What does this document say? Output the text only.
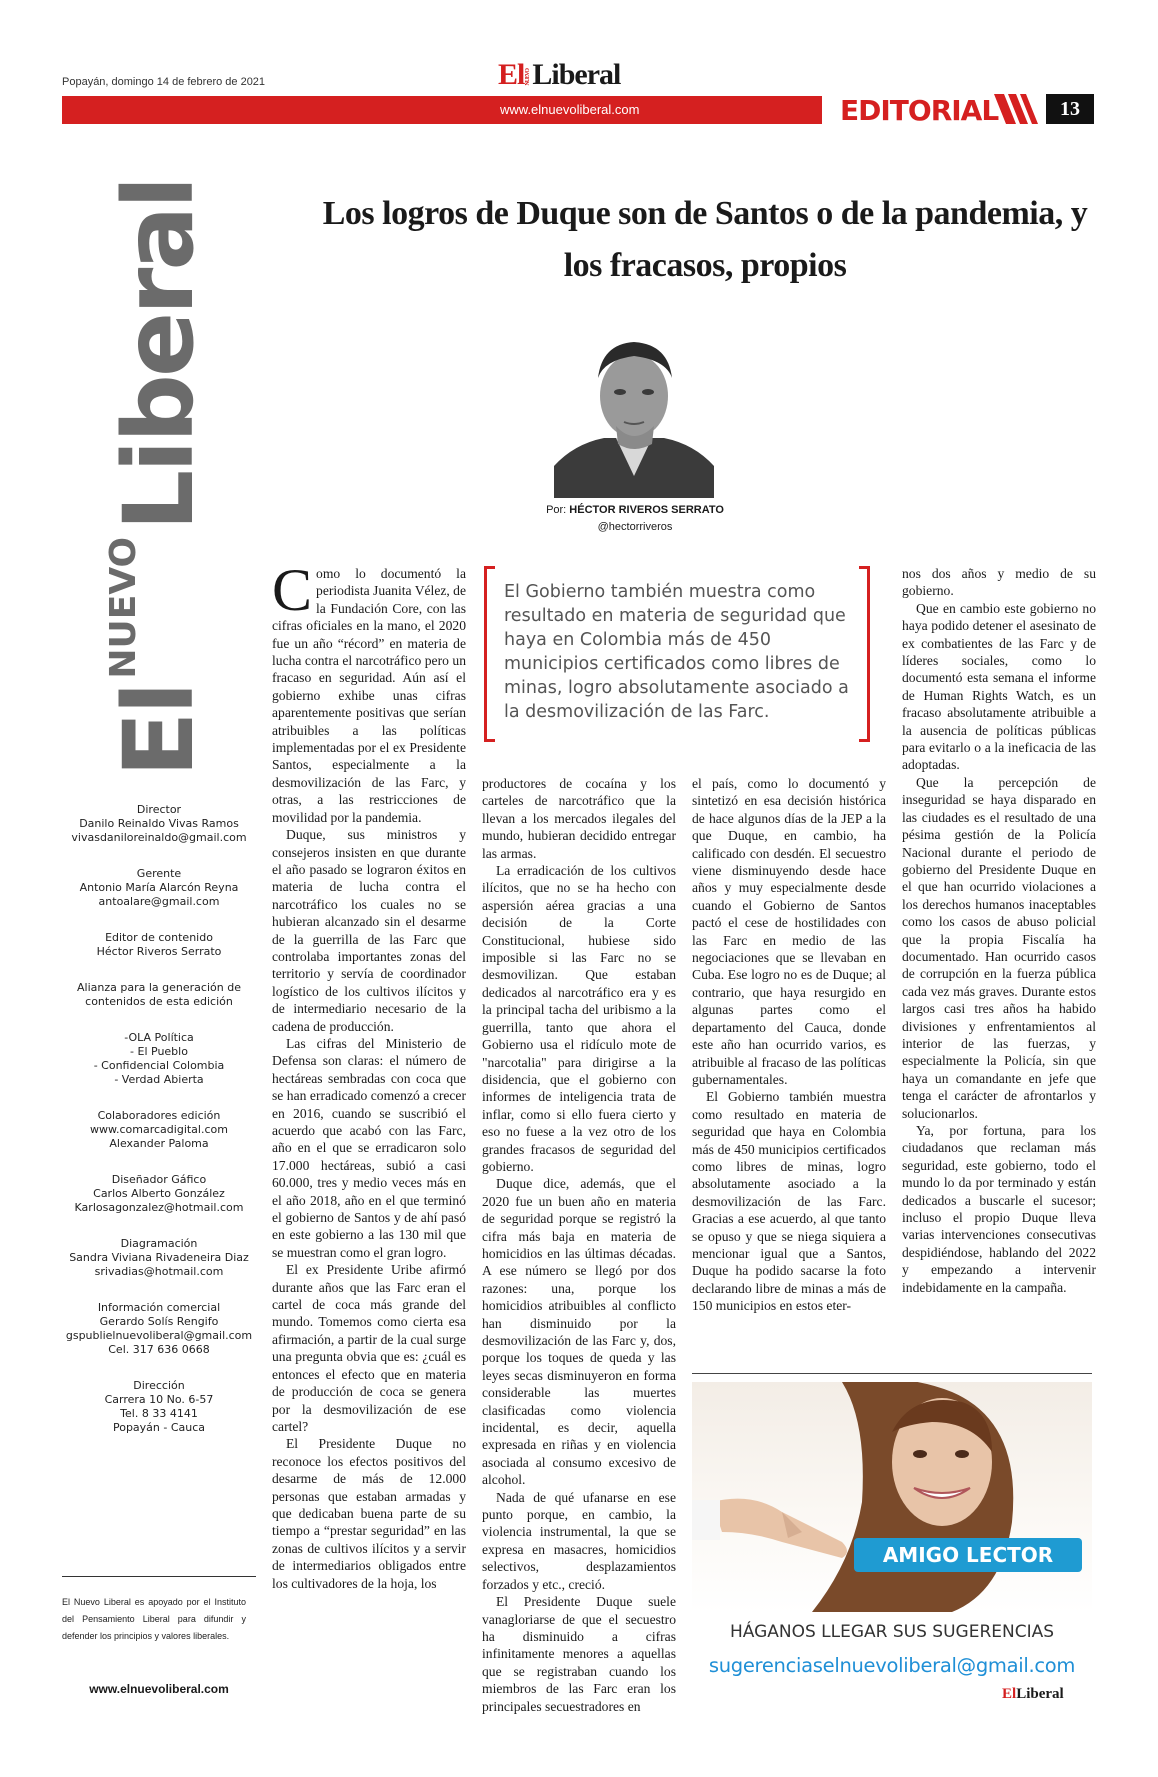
Popayán, domingo 14 de febrero de 2021	ElNUEVOLiberal
www.elnuevoliberal.com	EDITORIAL	13
ElNUEVOLiberal
Director
Danilo Reinaldo Vivas Ramos
vivasdaniloreinaldo@gmail.com
Gerente
Antonio María Alarcón Reyna
antoalare@gmail.com
Editor de contenido
Héctor Riveros Serrato
Alianza para la generación de
contenidos de esta edición
-OLA Política
- El Pueblo
- Confidencial Colombia
- Verdad Abierta
Colaboradores edición
www.comarcadigital.com
Alexander Paloma
Diseñador Gáfico
Carlos Alberto González
Karlosagonzalez@hotmail.com
Diagramación
Sandra Viviana Rivadeneira Diaz
srivadias@hotmail.com
Información comercial
Gerardo Solís Rengifo
gspublielnuevoliberal@gmail.com
Cel. 317 636 0668
Dirección
Carrera 10 No. 6-57
Tel. 8 33 4141
Popayán - Cauca
El Nuevo Liberal es apoyado por el Instituto del Pensamiento Liberal para difundir y defender los principios y valores liberales.
www.elnuevoliberal.com
Los logros de Duque son de Santos o de la pandemia, y los fracasos, propios
Por: HÉCTOR RIVEROS SERRATO
@hectorriveros
El Gobierno también muestra como resultado en materia de seguridad que haya en Colombia más de 450 municipios certificados como libres de minas, logro absolutamente asociado a la desmovilización de las Farc.

Como lo documentó la periodista Juanita Vélez, de la Fundación Core, con las cifras oficiales en la mano, el 2020 fue un año “récord” en materia de lucha contra el narcotráfico pero un fracaso en seguridad. Aún así el gobierno exhibe unas cifras aparentemente positivas que serían atribuibles a las políticas implementadas por el ex Presidente Santos, especialmente a la desmovilización de las Farc, y otras, a las restricciones de movilidad por la pandemia.

Duque, sus ministros y consejeros insisten en que durante el año pasado se lograron éxitos en materia de lucha contra el narcotráfico los cuales no se hubieran alcanzado sin el desarme de la guerrilla de las Farc que controlaba importantes zonas del territorio y servía de coordinador logístico de los cultivos ilícitos y de intermediario necesario de la cadena de producción.

Las cifras del Ministerio de Defensa son claras: el número de hectáreas sembradas con coca que se han erradicado comenzó a crecer en 2016, cuando se suscribió el acuerdo que acabó con las Farc, año en el que se erradicaron solo 17.000 hectáreas, subió a casi 60.000, tres y medio veces más en el año 2018, año en el que terminó el gobierno de Santos y de ahí pasó en este gobierno a las 130 mil que se muestran como el gran logro.

El ex Presidente Uribe afirmó durante años que las Farc eran el cartel de coca más grande del mundo. Tomemos como cierta esa afirmación, a partir de la cual surge una pregunta obvia que es: ¿cuál es entonces el efecto que en materia de producción de coca se genera por la desmovilización de ese cartel?

El Presidente Duque no reconoce los efectos positivos del desarme de más de 12.000 personas que estaban armadas y que dedicaban buena parte de su tiempo a “prestar seguridad” en las zonas de cultivos ilícitos y a servir de intermediarios obligados entre los cultivadores de la hoja, los

productores de cocaína y los carteles de narcotráfico que la llevan a los mercados ilegales del mundo, hubieran decidido entregar las armas.

La erradicación de los cultivos ilícitos, que no se ha hecho con aspersión aérea gracias a una decisión de la Corte Constitucional, hubiese sido imposible si las Farc no se desmovilizan. Que estaban dedicados al narcotráfico era y es la principal tacha del uribismo a la guerrilla, tanto que ahora el Gobierno usa el ridículo mote de "narcotalia" para dirigirse a la disidencia, que el gobierno con informes de inteligencia trata de inflar, como si ello fuera cierto y eso no fuese a la vez otro de los grandes fracasos de seguridad del gobierno.

Duque dice, además, que el 2020 fue un buen año en materia de seguridad porque se registró la cifra más baja en materia de homicidios en las últimas décadas. A ese número se llegó por dos razones: una, porque los homicidios atribuibles al conflicto han disminuido por la desmovilización de las Farc y, dos, porque los toques de queda y las leyes secas disminuyeron en forma considerable las muertes clasificadas como violencia incidental, es decir, aquella expresada en riñas y en violencia asociada al consumo excesivo de alcohol.

Nada de qué ufanarse en ese punto porque, en cambio, la violencia instrumental, la que se expresa en masacres, homicidios selectivos, desplazamientos forzados y etc., creció.

El Presidente Duque suele vanagloriarse de que el secuestro ha disminuido a cifras infinitamente menores a aquellas que se registraban cuando los miembros de las Farc eran los principales secuestradores en

el país, como lo documentó y sintetizó en esa decisión histórica de hace algunos días de la JEP a la que Duque, en cambio, ha calificado con desdén. El secuestro viene disminuyendo desde hace años y muy especialmente desde cuando el Gobierno de Santos pactó el cese de hostilidades con las Farc en medio de las negociaciones que se llevaban en Cuba. Ese logro no es de Duque; al contrario, que haya resurgido en algunas partes como el departamento del Cauca, donde este año han ocurrido varios, es atribuible al fracaso de las políticas gubernamentales.

El Gobierno también muestra como resultado en materia de seguridad que haya en Colombia más de 450 municipios certificados como libres de minas, logro absolutamente asociado a la desmovilización de las Farc. Gracias a ese acuerdo, al que tanto se opuso y que se niega siquiera a mencionar igual que a Santos, Duque ha podido sacarse la foto declarando libre de minas a más de 150 municipios en estos eter-

nos dos años y medio de su gobierno.

Que en cambio este gobierno no haya podido detener el asesinato de ex combatientes de las Farc y de líderes sociales, como lo documentó esta semana el informe de Human Rights Watch, es un fracaso absolutamente atribuible a la ausencia de políticas públicas para evitarlo o a la ineficacia de las adoptadas.

Que la percepción de inseguridad se haya disparado en las ciudades es el resultado de una pésima gestión de la Policía Nacional durante el periodo de gobierno del Presidente Duque en el que han ocurrido violaciones a los derechos humanos inaceptables como los casos de abuso policial que la propia Fiscalía ha documentado. Han ocurrido casos de corrupción en la fuerza pública cada vez más graves. Durante estos largos casi tres años ha habido divisiones y enfrentamientos al interior de las fuerzas, y especialmente la Policía, sin que haya un comandante en jefe que tenga el carácter de afrontarlos y solucionarlos.

Ya, por fortuna, para los ciudadanos que reclaman más seguridad, este gobierno, todo el mundo lo da por terminado y están dedicados a buscarle el sucesor; incluso el propio Duque lleva varias intervenciones consecutivas despidiéndose, hablando del 2022 y empezando a intervenir indebidamente en la campaña.

AMIGO LECTOR
HÁGANOS LLEGAR SUS SUGERENCIAS
sugerenciaselnuevoliberal@gmail.com
ElLiberal
